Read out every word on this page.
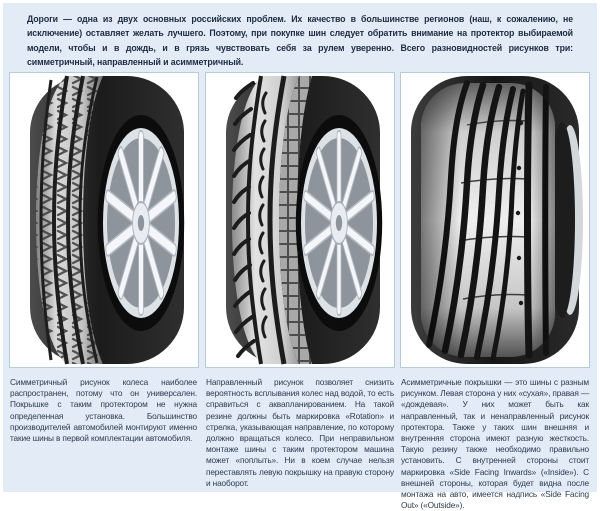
Дороги — одна из двух основных российских проблем. Их качество в большинстве регионов (наш, к сожалению, не исключение) оставляет желать лучшего. Поэтому, при покупке шин следует обратить внимание на протектор выбираемой модели, чтобы и в дождь, и в грязь чувствовать себя за рулем уверенно. Всего разновидностей рисунков три: симметричный, направленный и асимметричный.

Симметричный рисунок колеса наиболее распространен, потому что он универсален. Покрышке с таким протектором не нужна определенная установка. Большинство производителей автомобилей монтируют именно такие шины в первой комплектации автомобиля.

Направленный рисунок позволяет снизить вероятность всплывания колес над водой, то есть справиться с аквапланированием. На такой резине должны быть маркировка «Rotation» и стрелка, указывающая направление, по которому должно вращаться колесо. При неправильном монтаже шины с таким протектором машина может «поплыть». Ни в коем случае нельзя переставлять левую покрышку на правую сторону и наоборот.

Асимметричные покрышки — это шины с разным рисунком. Левая сторона у них «сухая», правая — «дождевая». У них может быть как направленный, так и ненаправленный рисунок протектора. Также у таких шин внешняя и внутренняя сторона имеют разную жесткость. Такую резину также необходимо правильно установить. С внутренней стороны стоит маркировка «Side Facing Inwards» («Inside»). С внешней стороны, которая будет видна после монтажа на авто, имеется надпись «Side Facing Out» («Outside»).
